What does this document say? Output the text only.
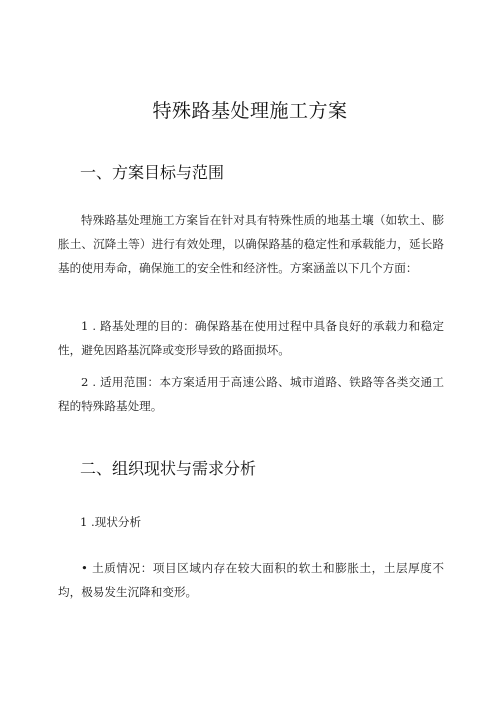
特殊路基处理施工方案
一、方案目标与范围
特殊路基处理施工方案旨在针对具有特殊性质的地基土壤（如软土、膨胀土、沉降土等）进行有效处理，以确保路基的稳定性和承载能力，延长路基的使用寿命，确保施工的安全性和经济性。方案涵盖以下几个方面：
1 . 路基处理的目的：确保路基在使用过程中具备良好的承载力和稳定性，避免因路基沉降或变形导致的路面损坏。
2 . 适用范围：本方案适用于高速公路、城市道路、铁路等各类交通工程的特殊路基处理。
二、组织现状与需求分析
1 .现状分析
• 土质情况：项目区域内存在较大面积的软土和膨胀土，土层厚度不均，极易发生沉降和变形。
